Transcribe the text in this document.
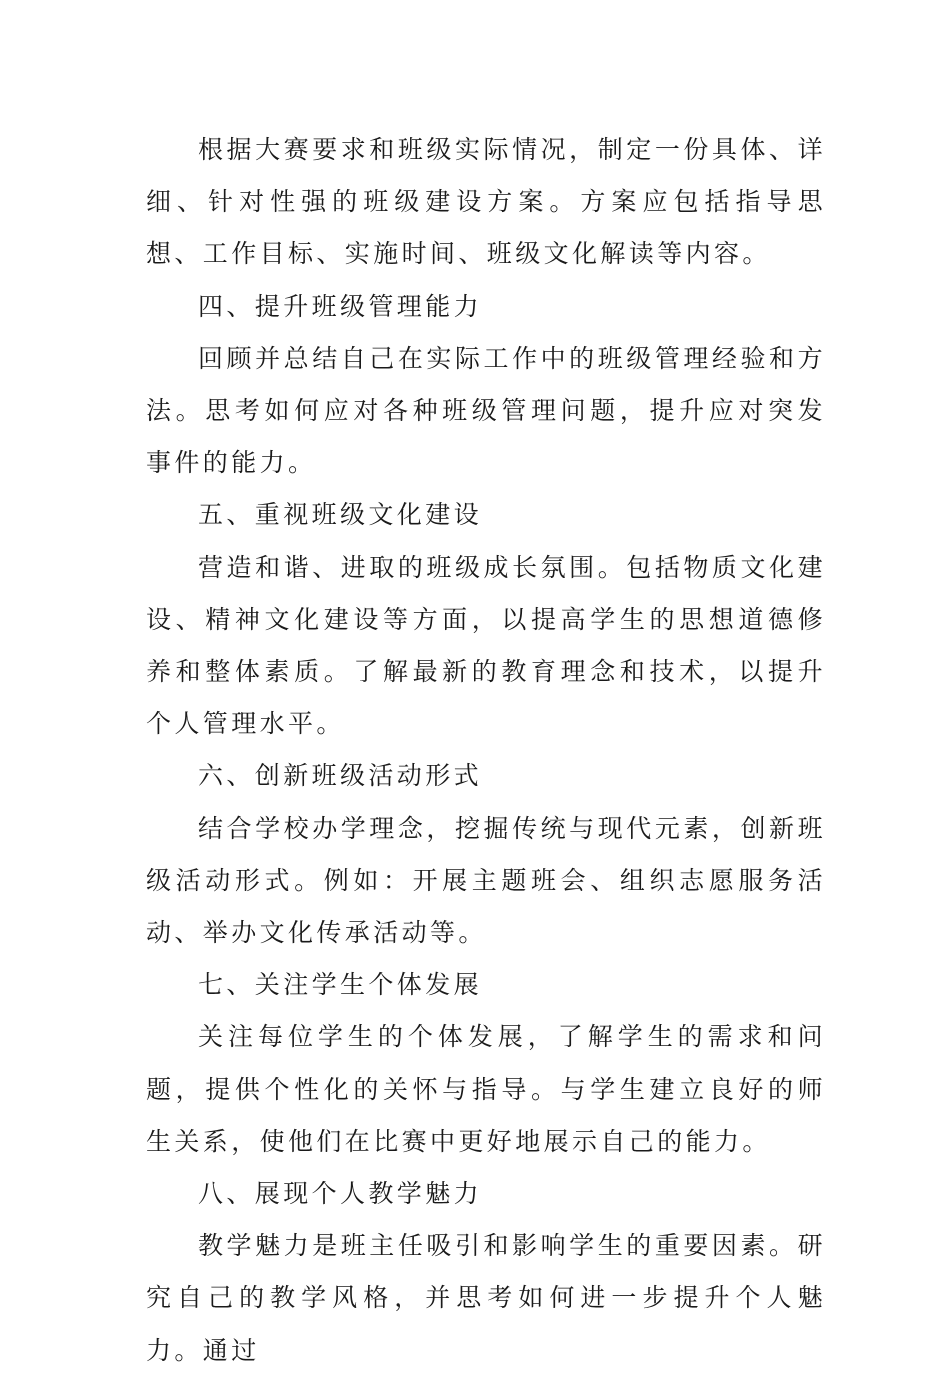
根据大赛要求和班级实际情况，制定一份具体、详细、针对性强的班级建设方案。方案应包括指导思想、工作目标、实施时间、班级文化解读等内容。

四、提升班级管理能力

回顾并总结自己在实际工作中的班级管理经验和方法。思考如何应对各种班级管理问题，提升应对突发事件的能力。

五、重视班级文化建设

营造和谐、进取的班级成长氛围。包括物质文化建设、精神文化建设等方面，以提高学生的思想道德修养和整体素质。了解最新的教育理念和技术，以提升个人管理水平。

六、创新班级活动形式

结合学校办学理念，挖掘传统与现代元素，创新班级活动形式。例如：开展主题班会、组织志愿服务活动、举办文化传承活动等。

七、关注学生个体发展

关注每位学生的个体发展，了解学生的需求和问题，提供个性化的关怀与指导。与学生建立良好的师生关系，使他们在比赛中更好地展示自己的能力。

八、展现个人教学魅力

教学魅力是班主任吸引和影响学生的重要因素。研究自己的教学风格，并思考如何进一步提升个人魅力。通过
